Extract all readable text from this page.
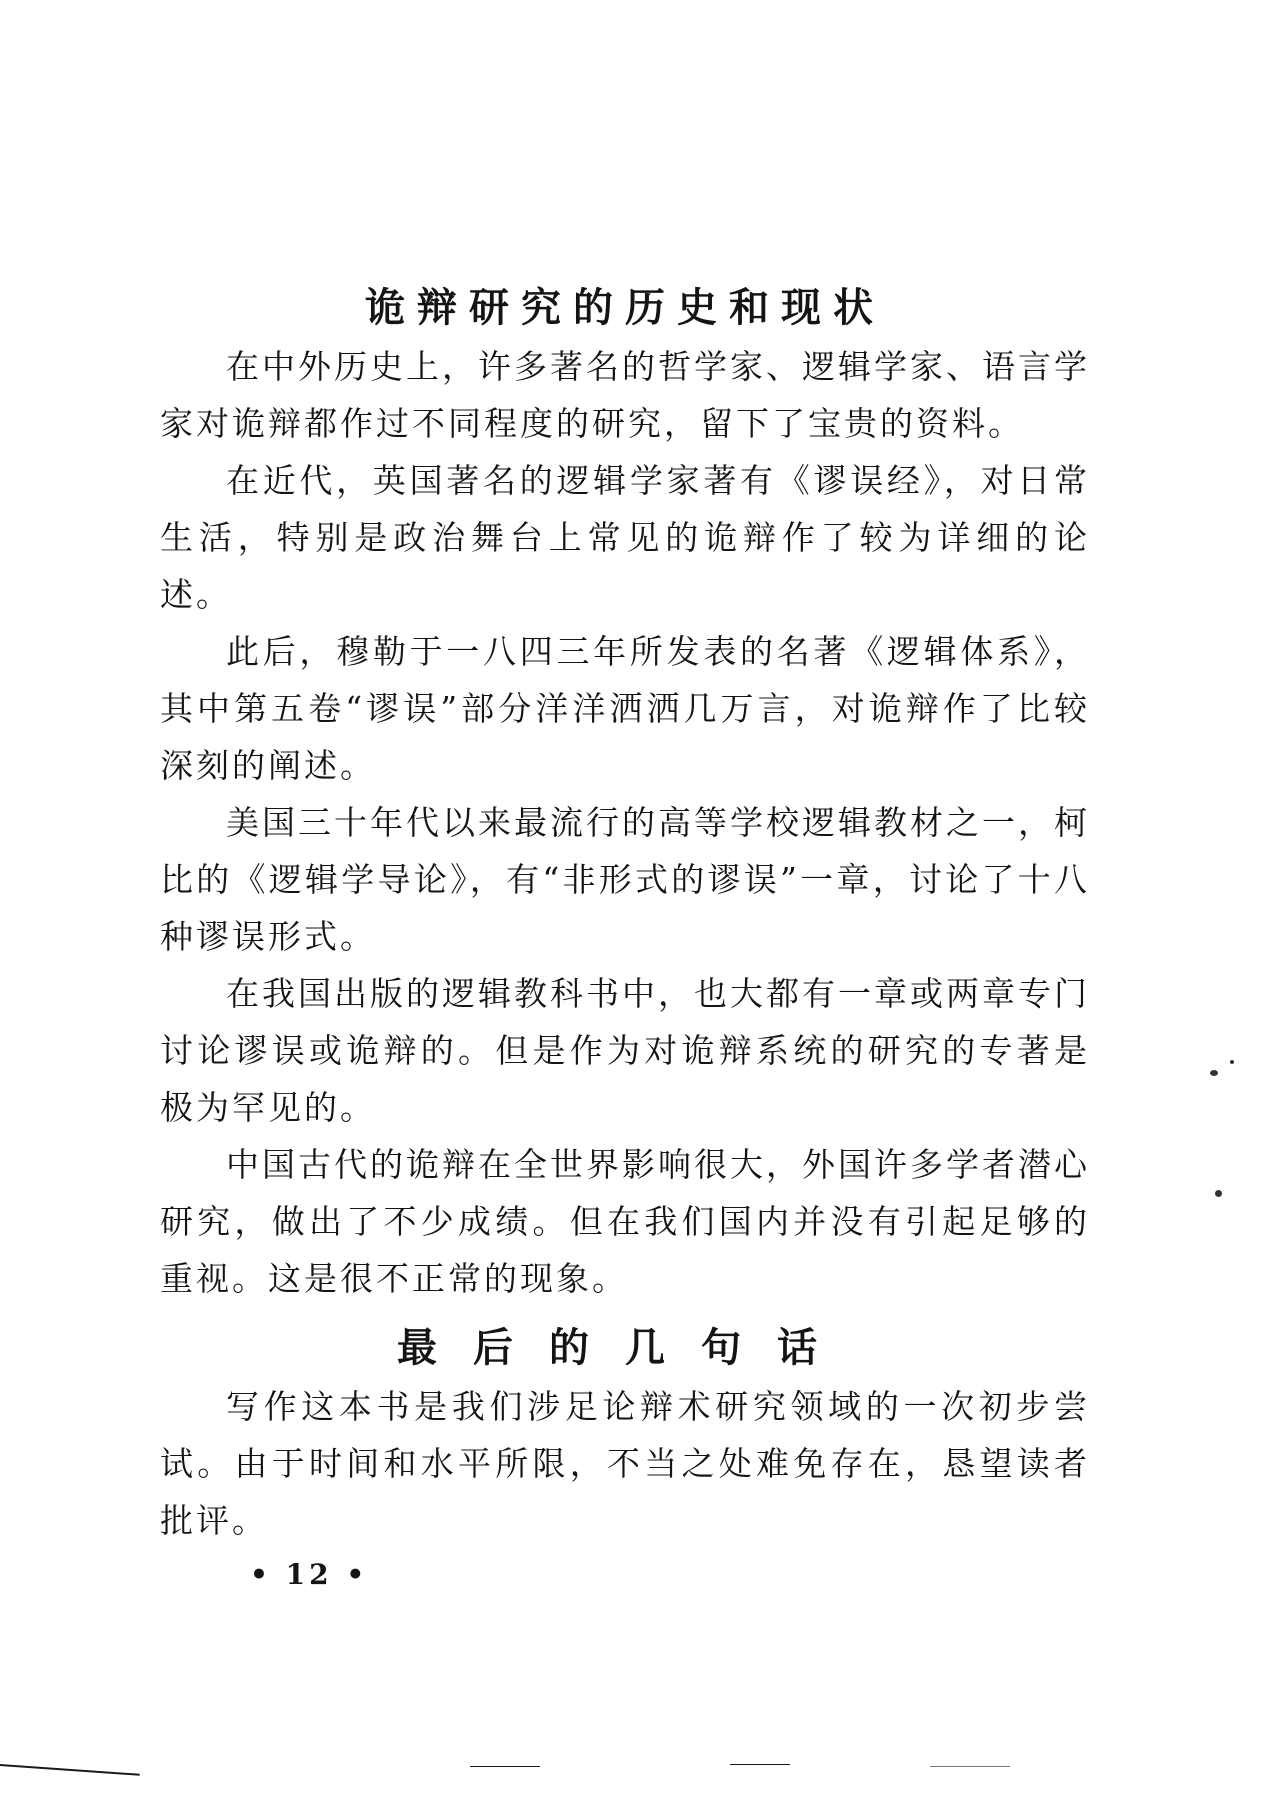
诡辩研究的历史和现状

在中外历史上，许多著名的哲学家、逻辑学家、语言学家对诡辩都作过不同程度的研究，留下了宝贵的资料。

在近代，英国著名的逻辑学家著有《谬误经》，对日常生活，特别是政治舞台上常见的诡辩作了较为详细的论述。

此后，穆勒于一八四三年所发表的名著《逻辑体系》，其中第五卷“谬误”部分洋洋洒洒几万言，对诡辩作了比较深刻的阐述。

美国三十年代以来最流行的高等学校逻辑教材之一，柯比的《逻辑学导论》，有“非形式的谬误”一章，讨论了十八种谬误形式。

在我国出版的逻辑教科书中，也大都有一章或两章专门讨论谬误或诡辩的。但是作为对诡辩系统的研究的专著是极为罕见的。

中国古代的诡辩在全世界影响很大，外国许多学者潜心研究，做出了不少成绩。但在我们国内并没有引起足够的重视。这是很不正常的现象。

最后的几句话

写作这本书是我们涉足论辩术研究领域的一次初步尝试。由于时间和水平所限，不当之处难免存在，恳望读者批评。

• 12 •
